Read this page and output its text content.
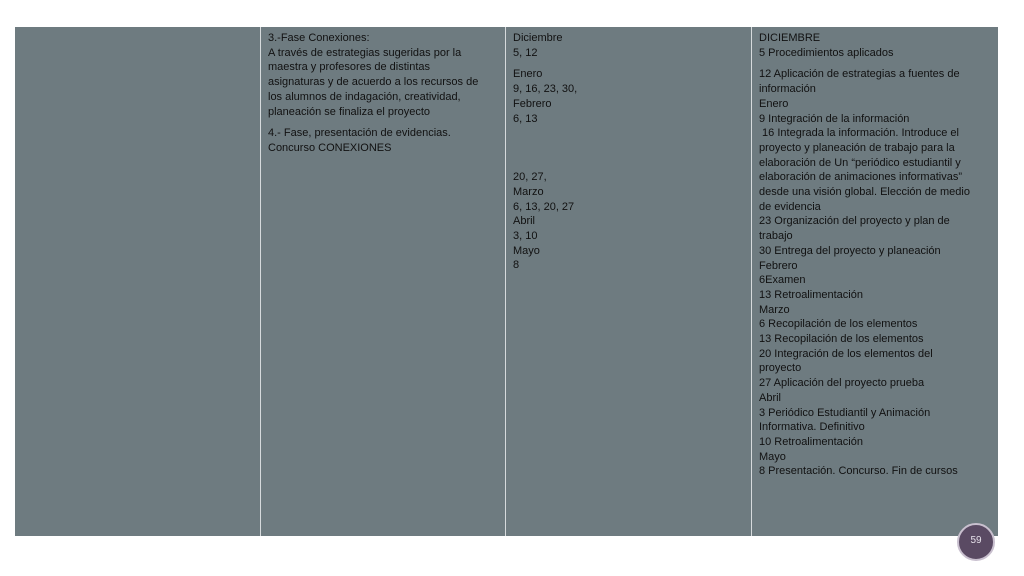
3.-Fase Conexiones:
A través de estrategias sugeridas por la
maestra y profesores de distintas
asignaturas y de acuerdo a los recursos de
los alumnos de indagación, creatividad,
planeación se finaliza el proyecto
4.- Fase, presentación de evidencias.
Concurso CONEXIONES
Diciembre
5, 12
Enero
9, 16, 23, 30,
Febrero
6, 13
20, 27,
Marzo
6, 13, 20, 27
Abril
3, 10
Mayo
8
DICIEMBRE
5 Procedimientos aplicados
12 Aplicación de estrategias a fuentes de
información
Enero
9 Integración de la información
16 Integrada la información. Introduce el
proyecto y planeación de trabajo para la
elaboración de Un “periódico estudiantil y
elaboración de animaciones informativas”
desde una visión global. Elección de medio
de evidencia
23 Organización del proyecto y plan de
trabajo
30 Entrega del proyecto y planeación
Febrero
6Examen
13 Retroalimentación
Marzo
6 Recopilación de los elementos
13 Recopilación de los elementos
20 Integración de los elementos del
proyecto
27 Aplicación del proyecto prueba
Abril
3 Periódico Estudiantil y Animación
Informativa. Definitivo
10 Retroalimentación
Mayo
8 Presentación. Concurso. Fin de cursos
59
